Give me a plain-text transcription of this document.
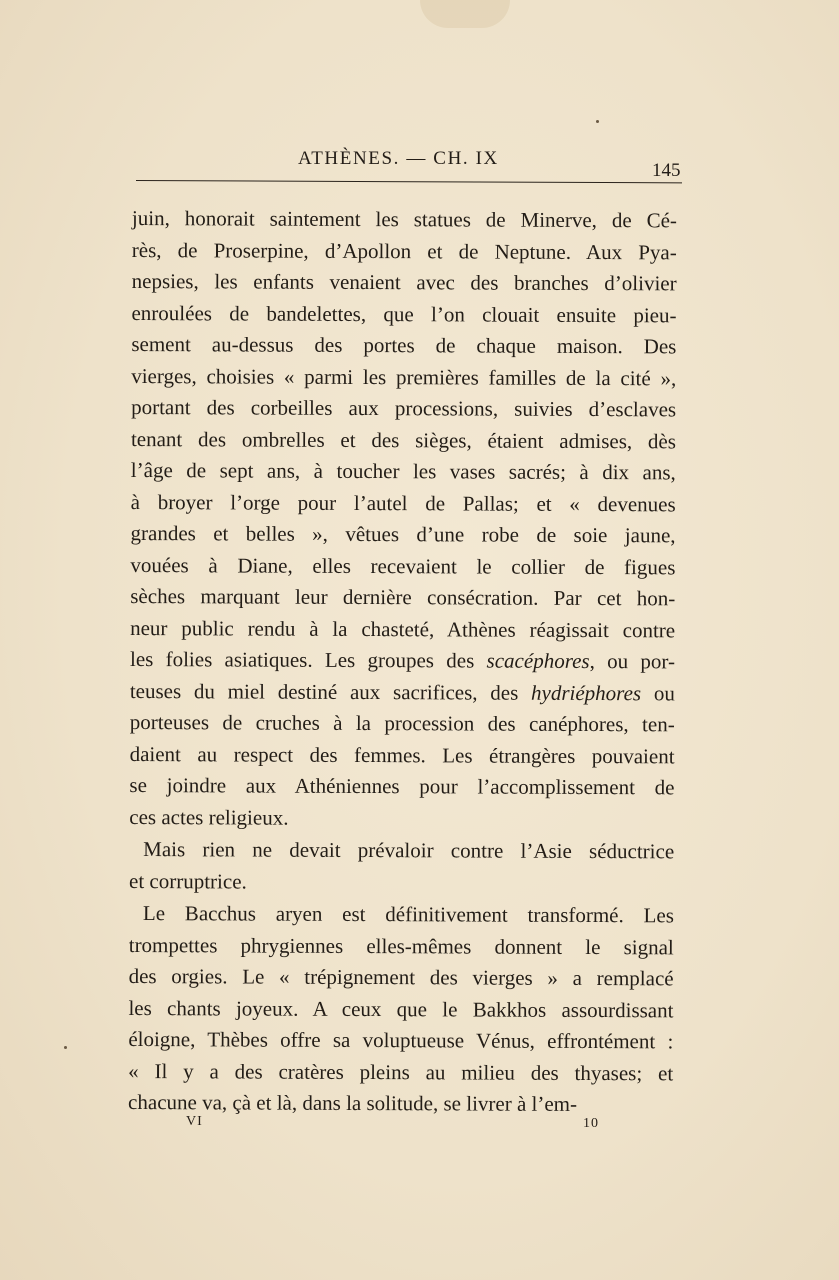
ATHÈNES. — CH. IX
145
juin, honorait saintement les statues de Minerve, de Cé-
rès, de Proserpine, d’Apollon et de Neptune. Aux Pya-
nepsies, les enfants venaient avec des branches d’olivier
enroulées de bandelettes, que l’on clouait ensuite pieu-
sement au-dessus des portes de chaque maison. Des
vierges, choisies « parmi les premières familles de la cité »,
portant des corbeilles aux processions, suivies d’esclaves
tenant des ombrelles et des sièges, étaient admises, dès
l’âge de sept ans, à toucher les vases sacrés; à dix ans,
à broyer l’orge pour l’autel de Pallas; et « devenues
grandes et belles », vêtues d’une robe de soie jaune,
vouées à Diane, elles recevaient le collier de figues
sèches marquant leur dernière consécration. Par cet hon-
neur public rendu à la chasteté, Athènes réagissait contre
les folies asiatiques. Les groupes des scacéphores, ou por-
teuses du miel destiné aux sacrifices, des hydriéphores ou
porteuses de cruches à la procession des canéphores, ten-
daient au respect des femmes. Les étrangères pouvaient
se joindre aux Athéniennes pour l’accomplissement de
ces actes religieux.
Mais rien ne devait prévaloir contre l’Asie séductrice
et corruptrice.
Le Bacchus aryen est définitivement transformé. Les
trompettes phrygiennes elles-mêmes donnent le signal
des orgies. Le « trépignement des vierges » a remplacé
les chants joyeux. A ceux que le Bakkhos assourdissant
éloigne, Thèbes offre sa voluptueuse Vénus, effrontément :
« Il y a des cratères pleins au milieu des thyases; et
chacune va, çà et là, dans la solitude, se livrer à l’em-
VI	10
